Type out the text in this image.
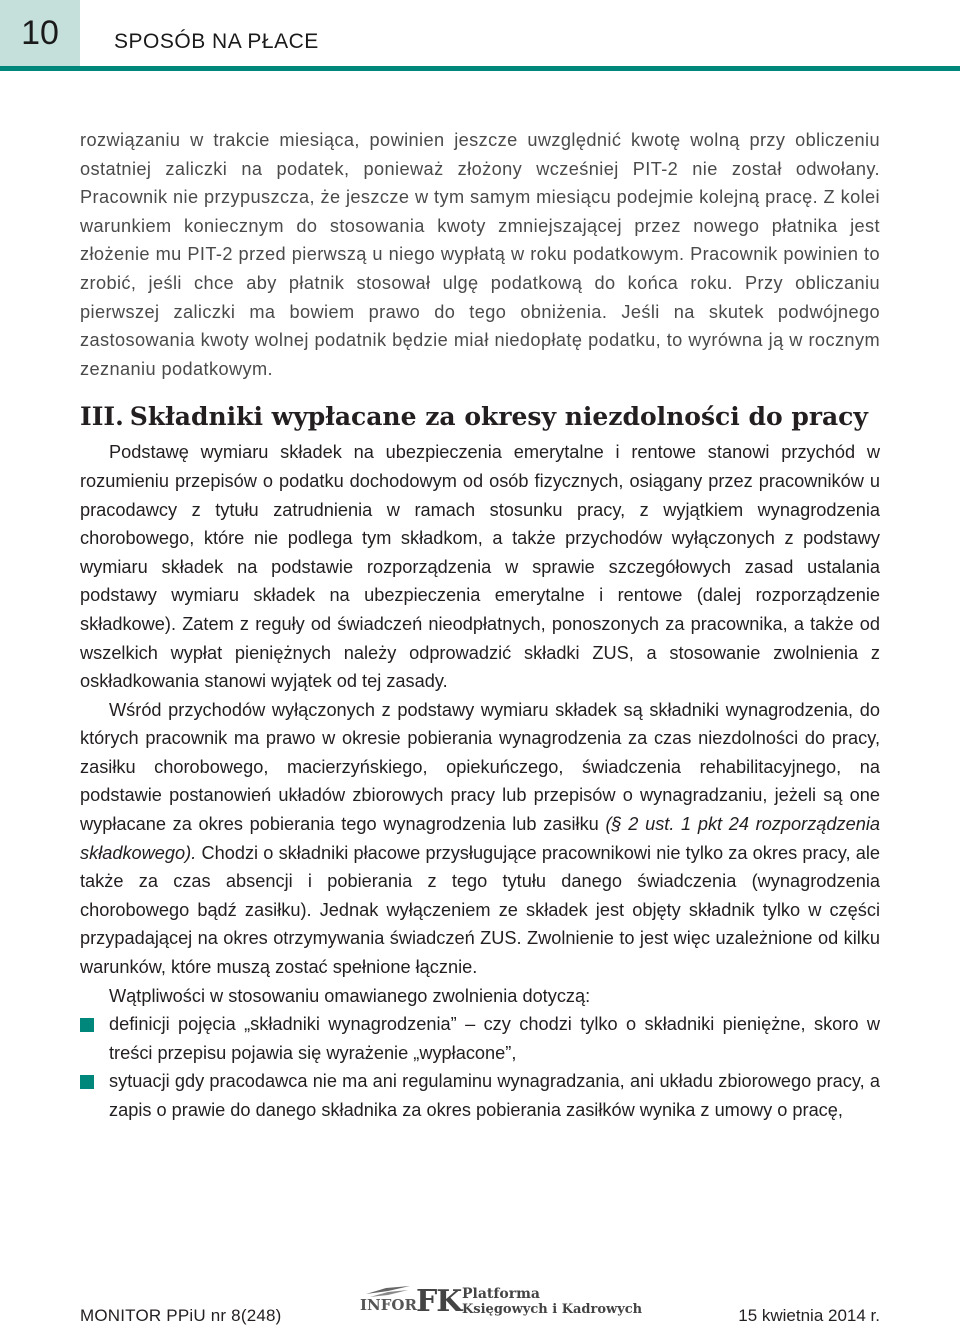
10	SPOSÓB NA PŁACE

rozwiązaniu w trakcie miesiąca, powinien jeszcze uwzględnić kwotę wolną przy obliczeniu ostatniej zaliczki na podatek, ponieważ złożony wcześniej PIT-2 nie został odwołany. Pracownik nie przypuszcza, że jeszcze w tym samym miesiącu podejmie kolejną pracę. Z kolei warunkiem koniecznym do stosowania kwoty zmniejszającej przez nowego płatnika jest złożenie mu PIT-2 przed pierwszą u niego wypłatą w roku podatkowym. Pracownik powinien to zrobić, jeśli chce aby płatnik stosował ulgę podatkową do końca roku. Przy obliczaniu pierwszej zaliczki ma bowiem prawo do tego obniżenia. Jeśli na skutek podwójnego zastosowania kwoty wolnej podatnik będzie miał niedopłatę podatku, to wyrówna ją w rocznym zeznaniu podatkowym.

III. Składniki wypłacane za okresy niezdolności do pracy

Podstawę wymiaru składek na ubezpieczenia emerytalne i rentowe stanowi przychód w rozumieniu przepisów o podatku dochodowym od osób fizycznych, osiągany przez pracowników u pracodawcy z tytułu zatrudnienia w ramach stosunku pracy, z wyjątkiem wynagrodzenia chorobowego, które nie podlega tym składkom, a także przychodów wyłączonych z podstawy wymiaru składek na podstawie rozporządzenia w sprawie szczegółowych zasad ustalania podstawy wymiaru składek na ubezpieczenia emerytalne i rentowe (dalej rozporządzenie składkowe). Zatem z reguły od świadczeń nieodpłatnych, ponoszonych za pracownika, a także od wszelkich wypłat pieniężnych należy odprowadzić składki ZUS, a stosowanie zwolnienia z oskładkowania stanowi wyjątek od tej zasady.

Wśród przychodów wyłączonych z podstawy wymiaru składek są składniki wynagrodzenia, do których pracownik ma prawo w okresie pobierania wynagrodzenia za czas niezdolności do pracy, zasiłku chorobowego, macierzyńskiego, opiekuńczego, świadczenia rehabilitacyjnego, na podstawie postanowień układów zbiorowych pracy lub przepisów o wynagradzaniu, jeżeli są one wypłacane za okres pobierania tego wynagrodzenia lub zasiłku (§ 2 ust. 1 pkt 24 rozporządzenia składkowego). Chodzi o składniki płacowe przysługujące pracownikowi nie tylko za okres pracy, ale także za czas absencji i pobierania z tego tytułu danego świadczenia (wynagrodzenia chorobowego bądź zasiłku). Jednak wyłączeniem ze składek jest objęty składnik tylko w części przypadającej na okres otrzymywania świadczeń ZUS. Zwolnienie to jest więc uzależnione od kilku warunków, które muszą zostać spełnione łącznie.

Wątpliwości w stosowaniu omawianego zwolnienia dotyczą:

definicji pojęcia „składniki wynagrodzenia” – czy chodzi tylko o składniki pieniężne, skoro w treści przepisu pojawia się wyrażenie „wypłacone”,
sytuacji gdy pracodawca nie ma ani regulaminu wynagradzania, ani układu zbiorowego pracy, a zapis o prawie do danego składnika za okres pobierania zasiłków wynika z umowy o pracę,
MONITOR PPiU nr 8(248)
INFOR FK Platforma
Księgowych i Kadrowych	15 kwietnia 2014 r.
